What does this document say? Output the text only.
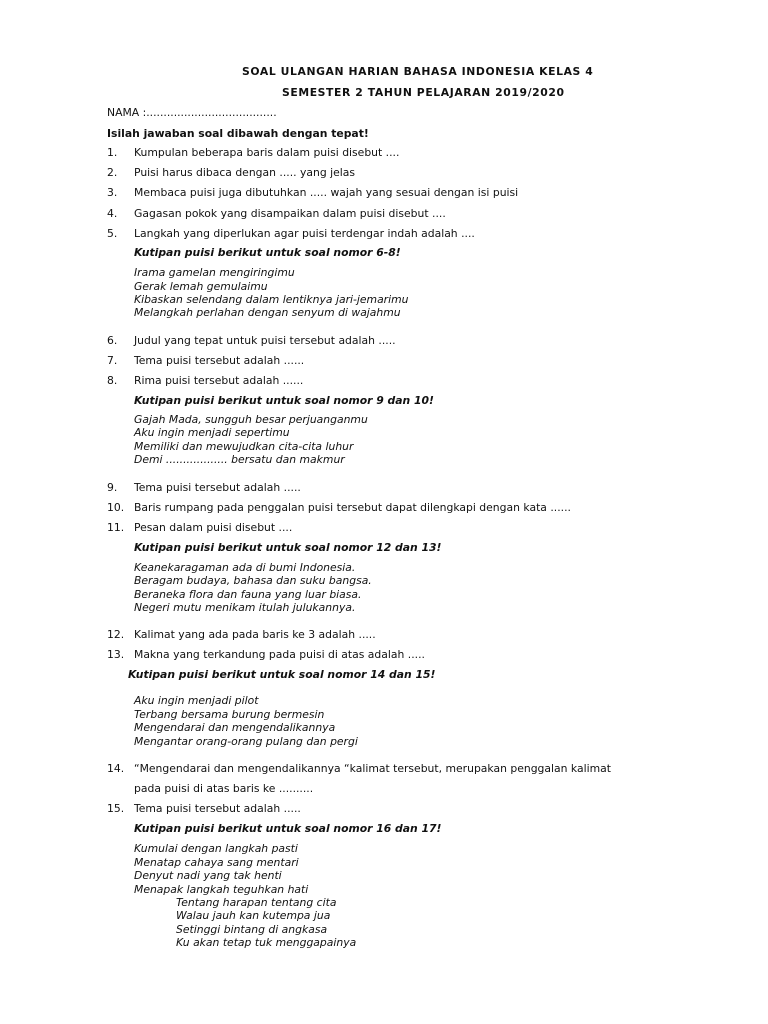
SOAL ULANGAN HARIAN BAHASA INDONESIA KELAS 4
SEMESTER 2 TAHUN PELAJARAN 2019/2020
NAMA :......................................
Isilah jawaban soal dibawah dengan tepat!
1. Kumpulan beberapa baris dalam puisi disebut ....
2. Puisi harus dibaca dengan ..... yang jelas
3. Membaca puisi juga dibutuhkan ..... wajah yang sesuai dengan isi puisi
4. Gagasan pokok yang disampaikan dalam puisi disebut ....
5. Langkah yang diperlukan agar puisi terdengar indah adalah ....
Kutipan puisi berikut untuk soal nomor 6-8!
Irama gamelan mengiringimu
Gerak lemah gemulaimu
Kibaskan selendang dalam lentiknya jari-jemarimu
Melangkah perlahan dengan senyum di wajahmu
6. Judul yang tepat untuk puisi tersebut adalah .....
7. Tema puisi tersebut adalah ......
8. Rima puisi tersebut adalah ......
Kutipan puisi berikut untuk soal nomor 9 dan 10!
Gajah Mada, sungguh besar perjuanganmu
Aku ingin menjadi sepertimu
Memiliki dan mewujudkan cita-cita luhur
Demi .................. bersatu dan makmur
9. Tema puisi tersebut adalah .....
10. Baris rumpang pada penggalan puisi tersebut dapat dilengkapi dengan kata ......
11. Pesan dalam puisi disebut ....
Kutipan puisi berikut untuk soal nomor 12 dan 13!
Keanekaragaman ada di bumi Indonesia.
Beragam budaya, bahasa dan suku bangsa.
Beraneka flora dan fauna yang luar biasa.
Negeri mutu menikam itulah julukannya.
12. Kalimat yang ada pada baris ke 3 adalah .....
13. Makna yang terkandung pada puisi di atas adalah .....
Kutipan puisi berikut untuk soal nomor 14 dan 15!
Aku ingin menjadi pilot
Terbang bersama burung bermesin
Mengendarai dan mengendalikannya
Mengantar orang-orang pulang dan pergi
14. “Mengendarai dan mengendalikannya “kalimat tersebut, merupakan penggalan kalimat
pada puisi di atas baris ke ..........
15. Tema puisi tersebut adalah .....
Kutipan puisi berikut untuk soal nomor 16 dan 17!
Kumulai dengan langkah pasti
Menatap cahaya sang mentari
Denyut nadi yang tak henti
Menapak langkah teguhkan hati
Tentang harapan tentang cita
Walau jauh kan kutempa jua
Setinggi bintang di angkasa
Ku akan tetap tuk menggapainya
